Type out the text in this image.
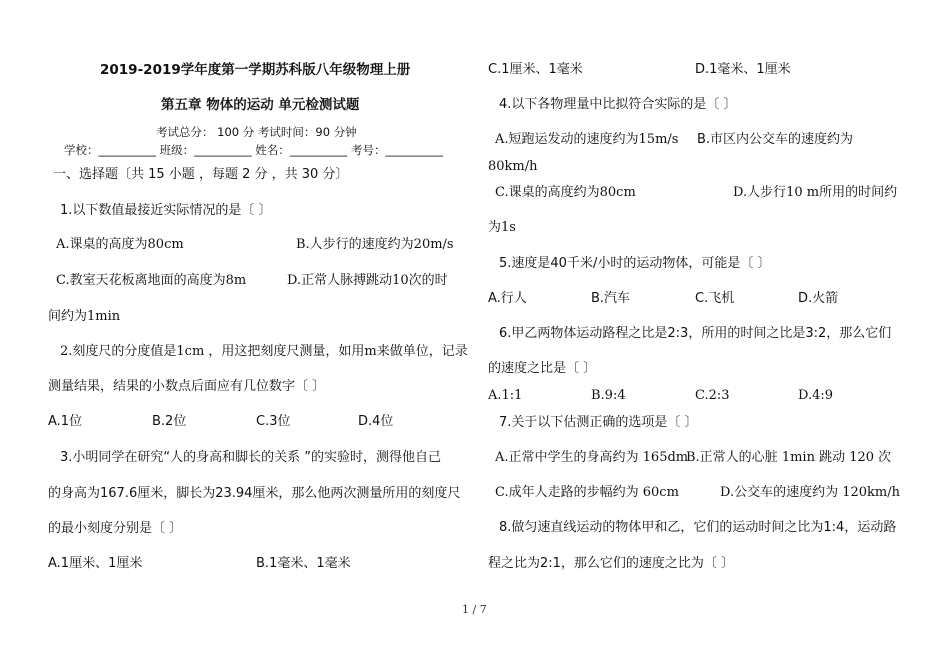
2019-2019学年度第一学期苏科版八年级物理上册
第五章 物体的运动 单元检测试题
考试总分： 100 分 考试时间：90 分钟
学校：__________ 班级：__________ 姓名：__________ 考号：__________
一、选择题〔共 15 小题 ，每题 2 分 ，共 30 分〕
1.以下数值最接近实际情况的是〔 〕
A.课桌的高度为80cm	B.人步行的速度约为20m/s
C.教室天花板离地面的高度为8m	D.正常人脉搏跳动10次的时
间约为1min
2.刻度尺的分度值是1cm ，用这把刻度尺测量，如用m来做单位，记录
测量结果，结果的小数点后面应有几位数字〔 〕
A.1位	B.2位	C.3位	D.4位
3.小明同学在研究“人的身高和脚长的关系 ”的实验时，测得他自己
的身高为167.6厘米，脚长为23.94厘米，那么他两次测量所用的刻度尺
的最小刻度分别是〔 〕
A.1厘米、1厘米	B.1毫米、1毫米
C.1厘米、1毫米	D.1毫米、1厘米
4.以下各物理量中比拟符合实际的是〔 〕
A.短跑运发动的速度约为15m/s B.市区内公交车的速度约为
80km/h
C.课桌的高度约为80cm	D.人步行10 m所用的时间约
为1s
5.速度是40千米/小时的运动物体，可能是〔 〕
A.行人	B.汽车	C.飞机	D.火箭
6.甲乙两物体运动路程之比是2:3，所用的时间之比是3:2，那么它们
的速度之比是〔 〕
A.1:1	B.9:4	C.2:3	D.4:9
7.关于以下估测正确的选项是〔 〕
A.正常中学生的身高约为 165dm
B.正常人的心脏 1min 跳动 120 次
C.成年人走路的步幅约为 60cm	D.公交车的速度约为 120km/h
8.做匀速直线运动的物体甲和乙，它们的运动时间之比为1:4，运动路
程之比为2:1，那么它们的速度之比为〔 〕
1 / 7
